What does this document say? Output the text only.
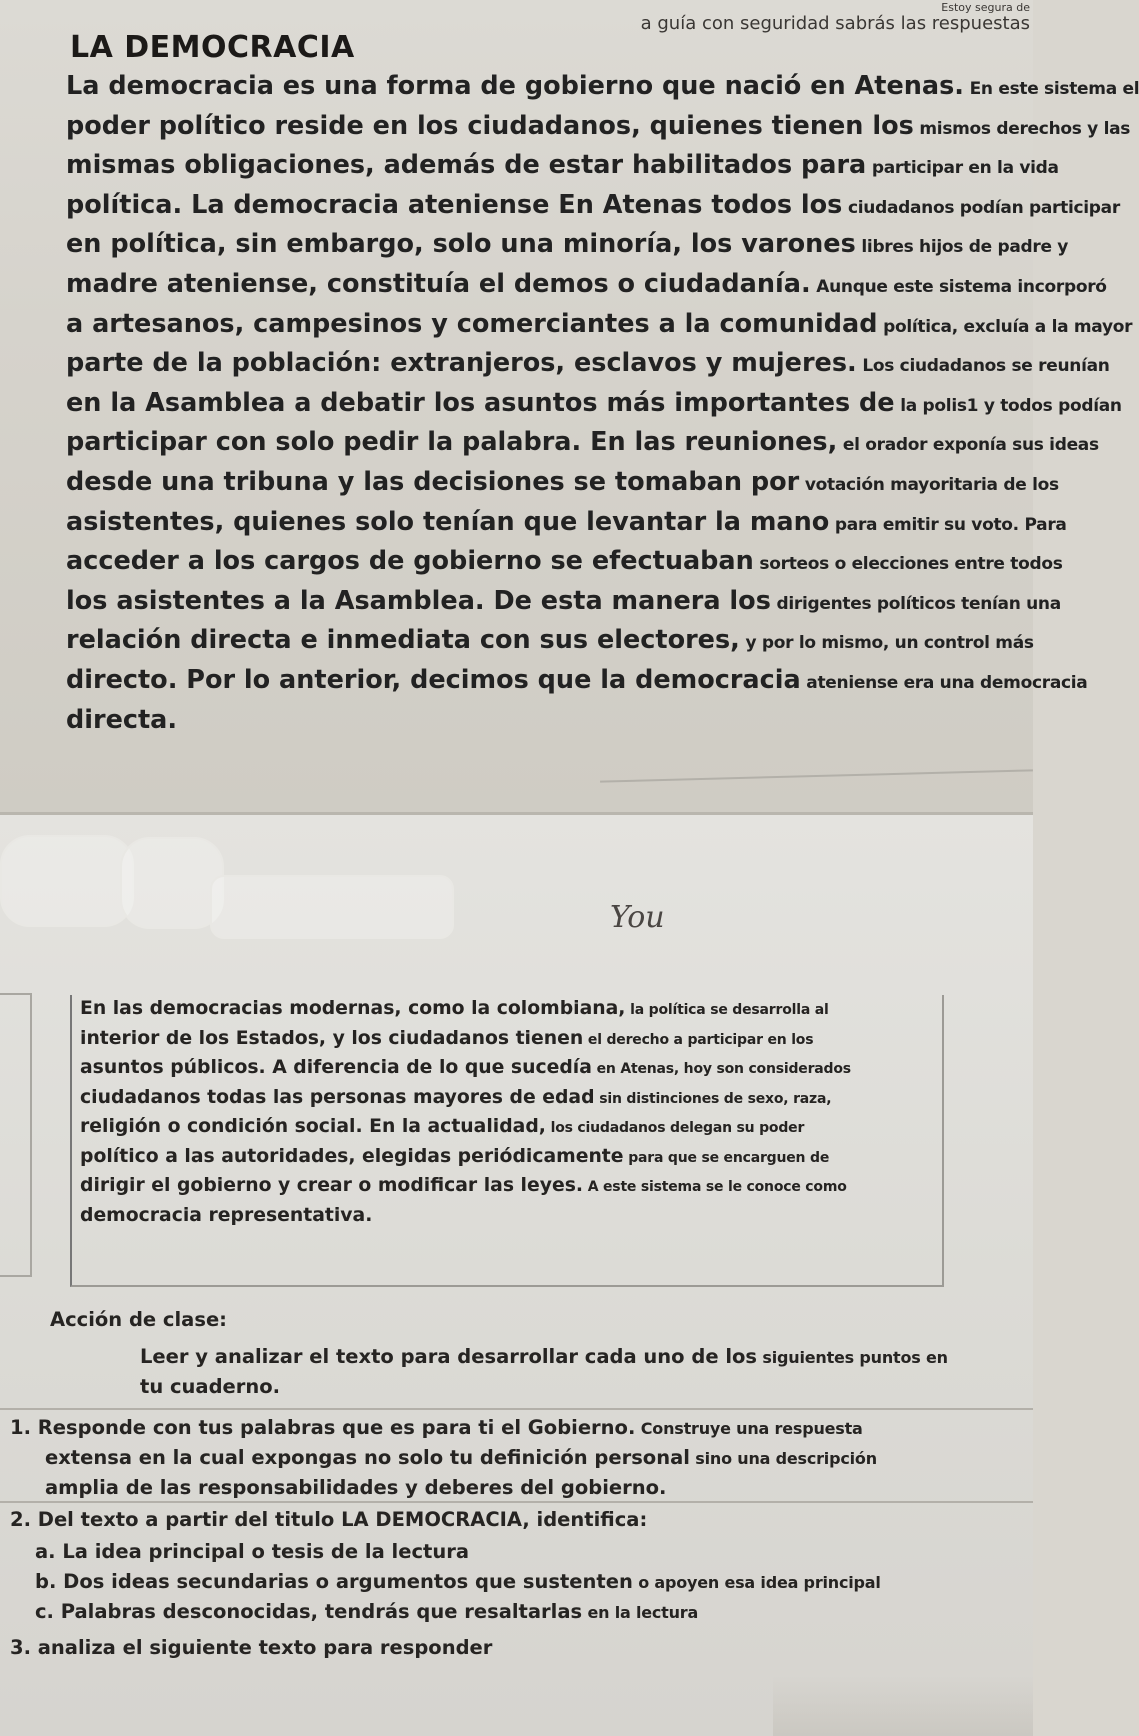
Estoy segura de
a guía con seguridad sabrás las respuestas
LA DEMOCRACIA
La democracia es una forma de gobierno que nació en Atenas. En este sistema el
poder político reside en los ciudadanos, quienes tienen los mismos derechos y las
mismas obligaciones, además de estar habilitados para participar en la vida
política. La democracia ateniense En Atenas todos los ciudadanos podían participar
en política, sin embargo, solo una minoría, los varones libres hijos de padre y
madre ateniense, constituía el demos o ciudadanía. Aunque este sistema incorporó
a artesanos, campesinos y comerciantes a la comunidad política, excluía a la mayor
parte de la población: extranjeros, esclavos y mujeres. Los ciudadanos se reunían
en la Asamblea a debatir los asuntos más importantes de la polis1 y todos podían
participar con solo pedir la palabra. En las reuniones, el orador exponía sus ideas
desde una tribuna y las decisiones se tomaban por votación mayoritaria de los
asistentes, quienes solo tenían que levantar la mano para emitir su voto. Para
acceder a los cargos de gobierno se efectuaban sorteos o elecciones entre todos
los asistentes a la Asamblea. De esta manera los dirigentes políticos tenían una
relación directa e inmediata con sus electores, y por lo mismo, un control más
directo. Por lo anterior, decimos que la democracia ateniense era una democracia
directa.
You
En las democracias modernas, como la colombiana, la política se desarrolla al
interior de los Estados, y los ciudadanos tienen el derecho a participar en los
asuntos públicos. A diferencia de lo que sucedía en Atenas, hoy son considerados
ciudadanos todas las personas mayores de edad sin distinciones de sexo, raza,
religión o condición social. En la actualidad, los ciudadanos delegan su poder
político a las autoridades, elegidas periódicamente para que se encarguen de
dirigir el gobierno y crear o modificar las leyes. A este sistema se le conoce como
democracia representativa.
Acción de clase:
Leer y analizar el texto para desarrollar cada uno de los siguientes puntos en
tu cuaderno.
1. Responde con tus palabras que es para ti el Gobierno. Construye una respuesta
extensa en la cual expongas no solo tu definición personal sino una descripción
amplia de las responsabilidades y deberes del gobierno.
2. Del texto a partir del titulo LA DEMOCRACIA, identifica:
a. La idea principal o tesis de la lectura
b. Dos ideas secundarias o argumentos que sustenten o apoyen esa idea principal
c. Palabras desconocidas, tendrás que resaltarlas en la lectura
3. analiza el siguiente texto para responder
